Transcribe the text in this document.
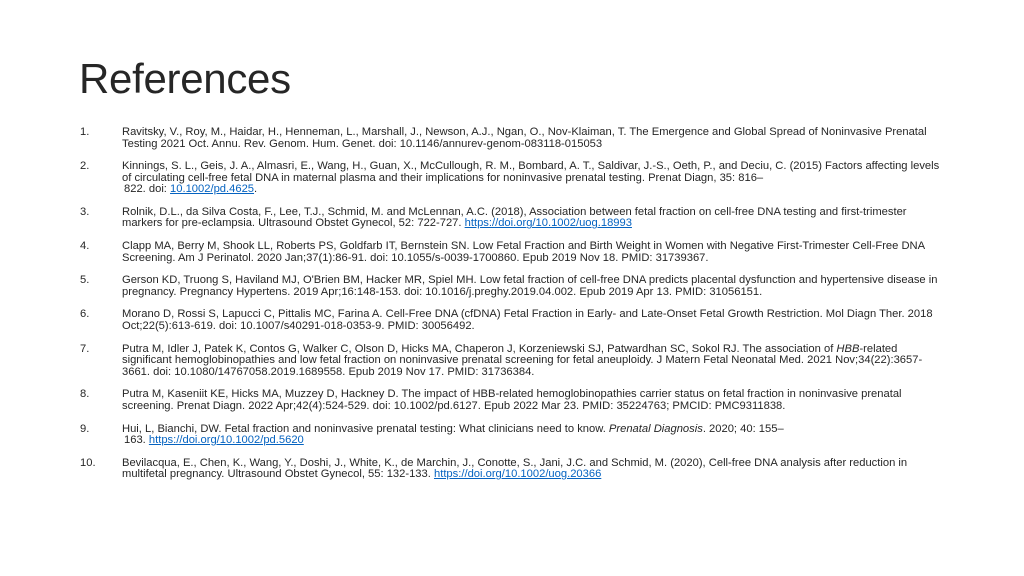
References
1.	Ravitsky, V., Roy, M., Haidar, H., Henneman, L., Marshall, J., Newson, A.J., Ngan, O., Nov-Klaiman, T. The Emergence and Global Spread of Noninvasive Prenatal Testing 2021 Oct. Annu. Rev. Genom. Hum. Genet. doi: 10.1146/annurev-genom-083118-015053
2.	Kinnings, S. L., Geis, J. A., Almasri, E., Wang, H., Guan, X., McCullough, R. M., Bombard, A. T., Saldivar, J.-S., Oeth, P., and Deciu, C. (2015) Factors affecting levels of circulating cell-free fetal DNA in maternal plasma and their implications for noninvasive prenatal testing. Prenat Diagn, 35: 816–
822. doi: 10.1002/pd.4625.
3.	Rolnik, D.L., da Silva Costa, F., Lee, T.J., Schmid, M. and McLennan, A.C. (2018), Association between fetal fraction on cell-free DNA testing and first-trimester markers for pre-eclampsia. Ultrasound Obstet Gynecol, 52: 722-727. https://doi.org/10.1002/uog.18993
4.	Clapp MA, Berry M, Shook LL, Roberts PS, Goldfarb IT, Bernstein SN. Low Fetal Fraction and Birth Weight in Women with Negative First-Trimester Cell-Free DNA Screening. Am J Perinatol. 2020 Jan;37(1):86-91. doi: 10.1055/s-0039-1700860. Epub 2019 Nov 18. PMID: 31739367.
5.	Gerson KD, Truong S, Haviland MJ, O'Brien BM, Hacker MR, Spiel MH. Low fetal fraction of cell-free DNA predicts placental dysfunction and hypertensive disease in pregnancy. Pregnancy Hypertens. 2019 Apr;16:148-153. doi: 10.1016/j.preghy.2019.04.002. Epub 2019 Apr 13. PMID: 31056151.
6.	Morano D, Rossi S, Lapucci C, Pittalis MC, Farina A. Cell-Free DNA (cfDNA) Fetal Fraction in Early- and Late-Onset Fetal Growth Restriction. Mol Diagn Ther. 2018 Oct;22(5):613-619. doi: 10.1007/s40291-018-0353-9. PMID: 30056492.
7.	Putra M, Idler J, Patek K, Contos G, Walker C, Olson D, Hicks MA, Chaperon J, Korzeniewski SJ, Patwardhan SC, Sokol RJ. The association of HBB-related significant hemoglobinopathies and low fetal fraction on noninvasive prenatal screening for fetal aneuploidy. J Matern Fetal Neonatal Med. 2021 Nov;34(22):3657-3661. doi: 10.1080/14767058.2019.1689558. Epub 2019 Nov 17. PMID: 31736384.
8.	Putra M, Kaseniit KE, Hicks MA, Muzzey D, Hackney D. The impact of HBB-related hemoglobinopathies carrier status on fetal fraction in noninvasive prenatal screening. Prenat Diagn. 2022 Apr;42(4):524-529. doi: 10.1002/pd.6127. Epub 2022 Mar 23. PMID: 35224763; PMCID: PMC9311838.
9.	Hui, L, Bianchi, DW. Fetal fraction and noninvasive prenatal testing: What clinicians need to know. Prenatal Diagnosis. 2020; 40: 155–
163. https://doi.org/10.1002/pd.5620
10.	Bevilacqua, E., Chen, K., Wang, Y., Doshi, J., White, K., de Marchin, J., Conotte, S., Jani, J.C. and Schmid, M. (2020), Cell-free DNA analysis after reduction in multifetal pregnancy. Ultrasound Obstet Gynecol, 55: 132-133. https://doi.org/10.1002/uog.20366
